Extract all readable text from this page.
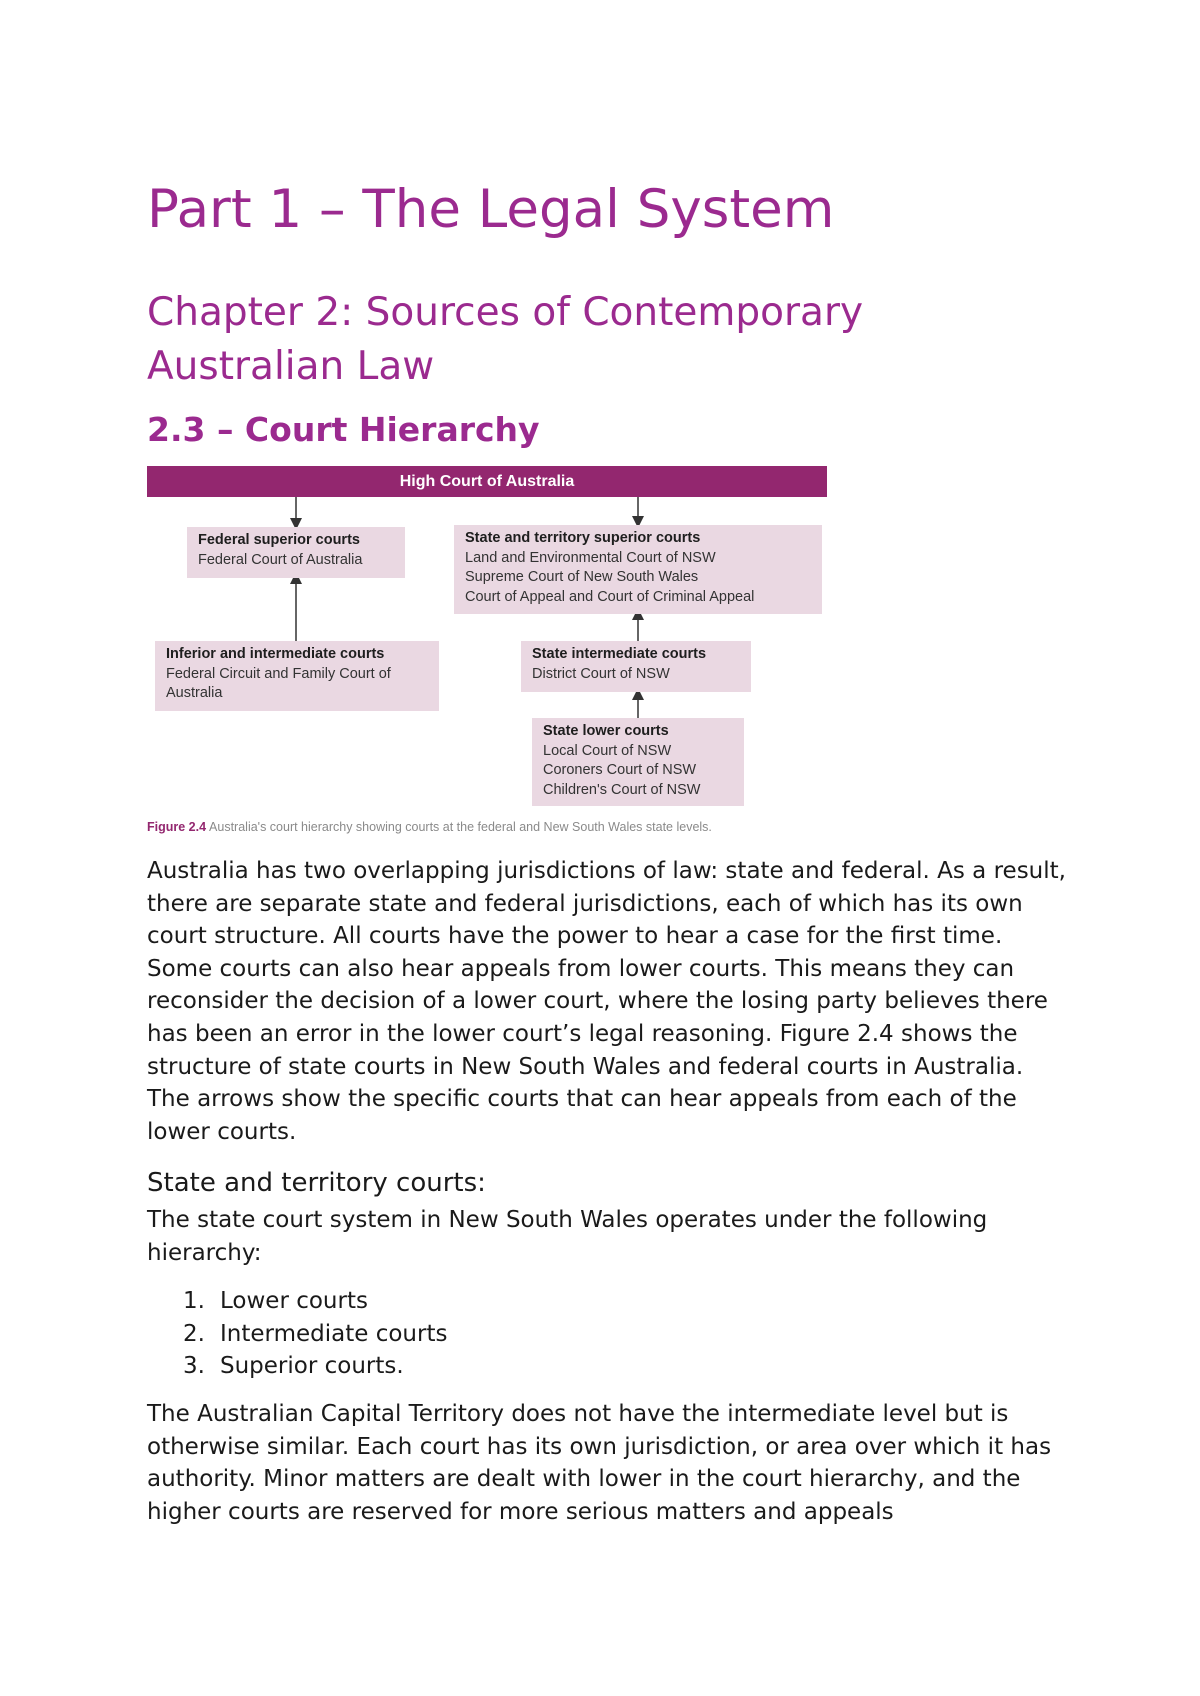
Part 1 – The Legal System
Chapter 2: Sources of Contemporary Australian Law
2.3 – Court Hierarchy
High Court of Australia
Federal superior courts
Federal Court of Australia
State and territory superior courts
Land and Environmental Court of NSW
Supreme Court of New South Wales
Court of Appeal and Court of Criminal Appeal
Inferior and intermediate courts
Federal Circuit and Family Court of
Australia
State intermediate courts
District Court of NSW
State lower courts
Local Court of NSW
Coroners Court of NSW
Children's Court of NSW
Figure 2.4 Australia's court hierarchy showing courts at the federal and New South Wales state levels.

Australia has two overlapping jurisdictions of law: state and federal. As a result, there are separate state and federal jurisdictions, each of which has its own court structure. All courts have the power to hear a case for the first time. Some courts can also hear appeals from lower courts. This means they can reconsider the decision of a lower court, where the losing party believes there has been an error in the lower court’s legal reasoning. Figure 2.4 shows the structure of state courts in New South Wales and federal courts in Australia. The arrows show the specific courts that can hear appeals from each of the lower courts.

State and territory courts:

The state court system in New South Wales operates under the following hierarchy:

1. Lower courts
2. Intermediate courts
3. Superior courts.

The Australian Capital Territory does not have the intermediate level but is otherwise similar. Each court has its own jurisdiction, or area over which it has authority. Minor matters are dealt with lower in the court hierarchy, and the higher courts are reserved for more serious matters and appeals
